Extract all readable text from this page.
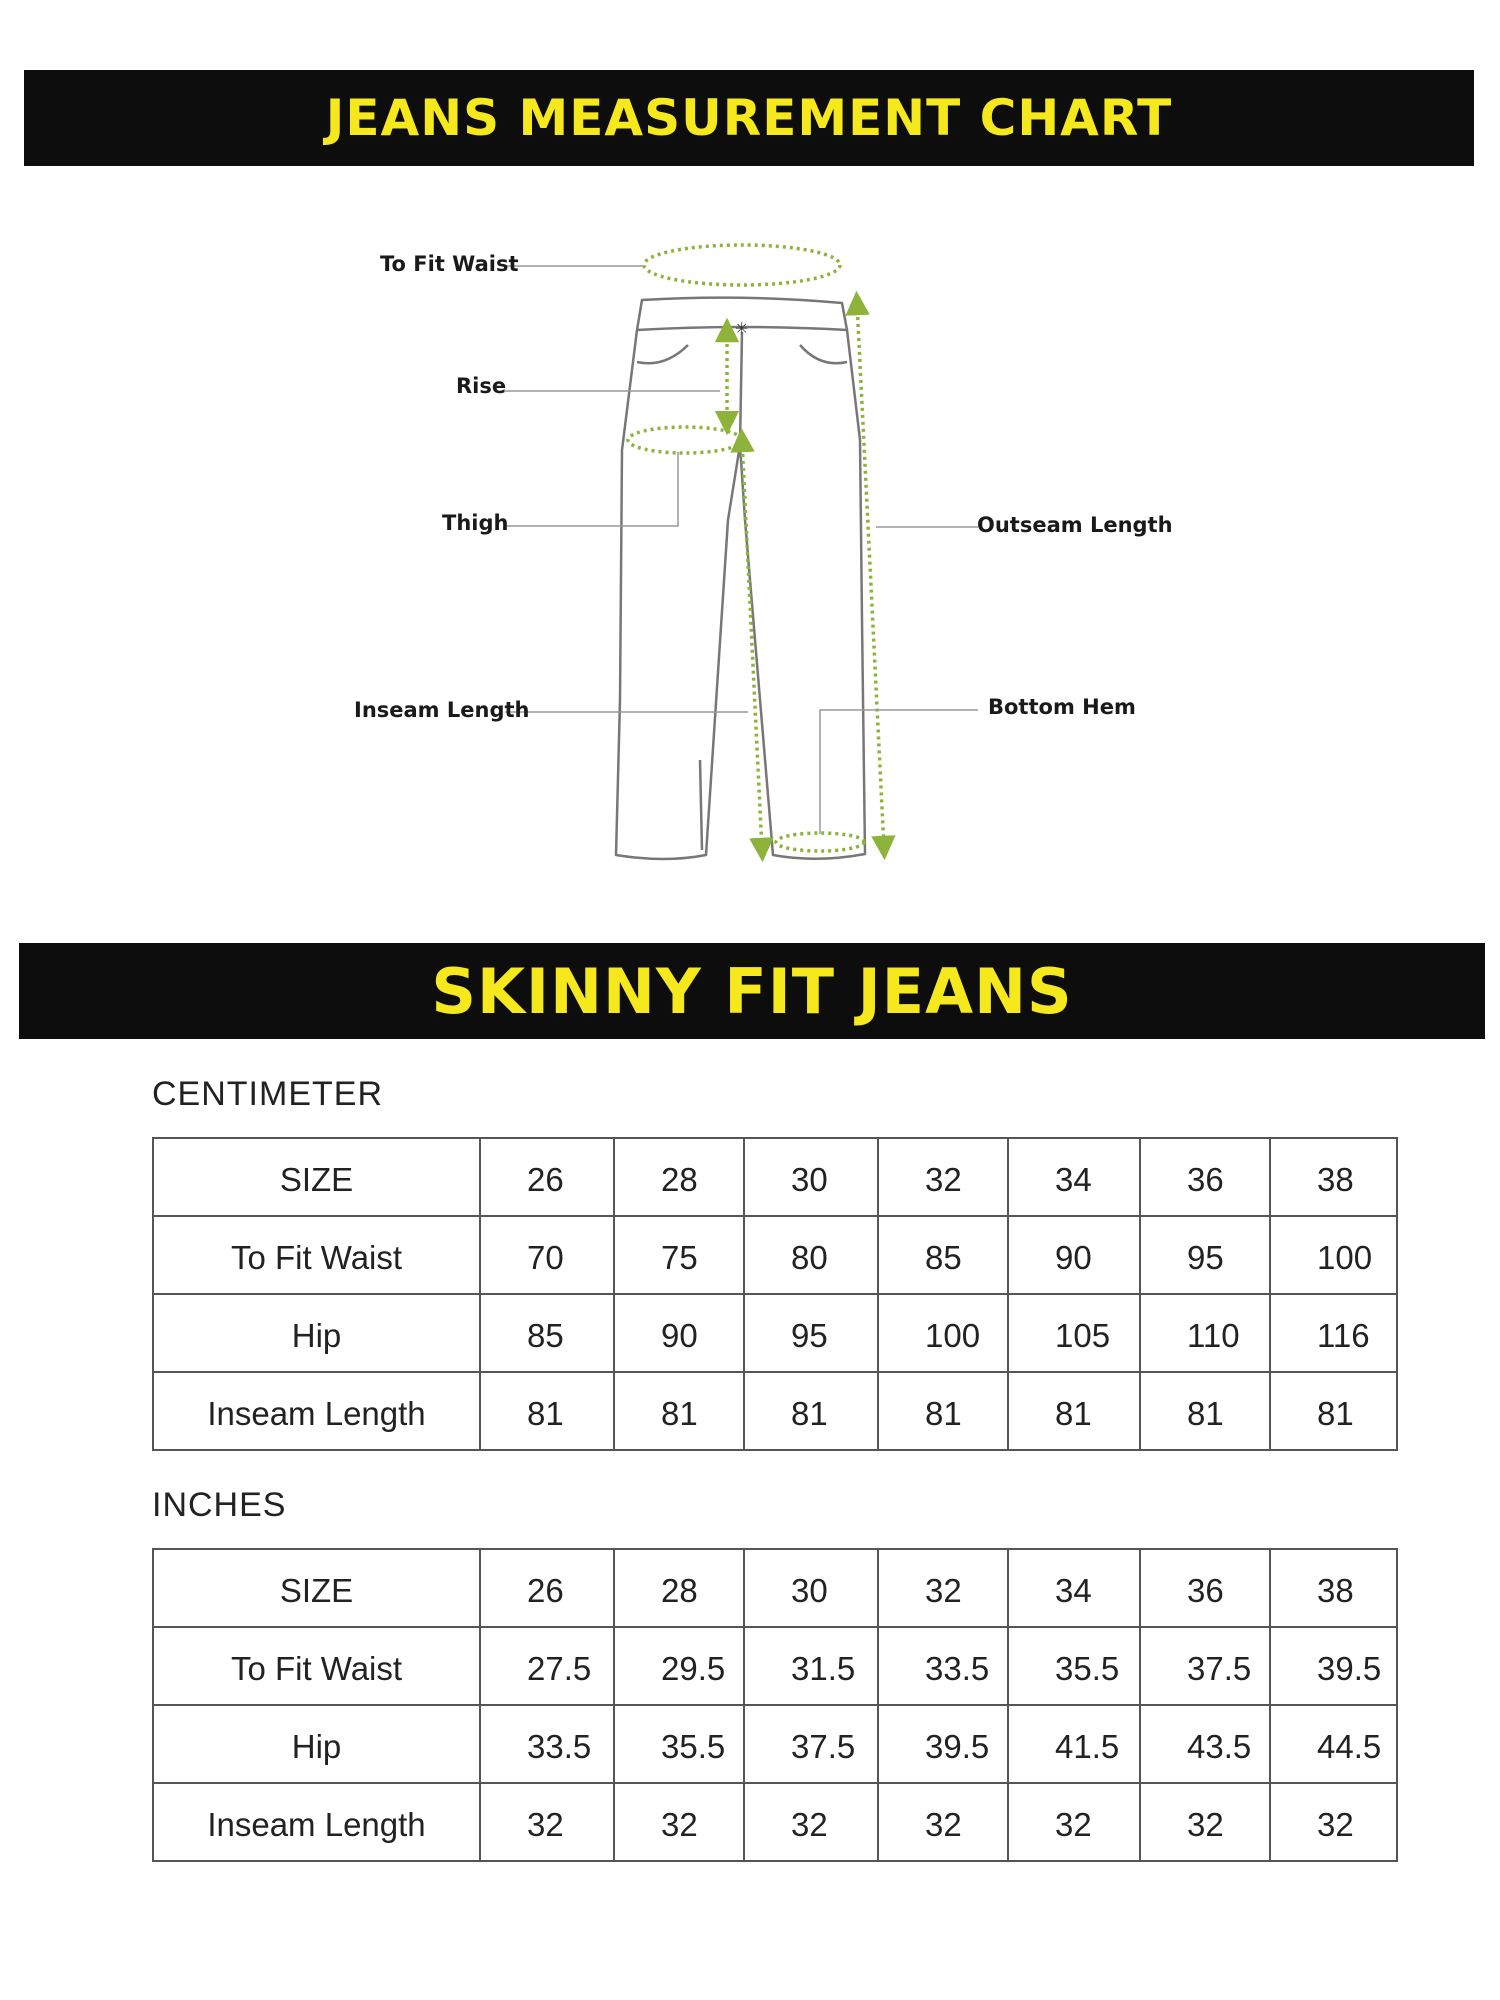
JEANS MEASUREMENT CHART
✳
To Fit Waist
Rise
Thigh
Inseam Length
Outseam Length
Bottom Hem
SKINNY FIT JEANS
CENTIMETER
SIZE	26	28	30	32	34	36	38
To Fit Waist	70	75	80	85	90	95	100
Hip	85	90	95	100	105	110	116
Inseam Length	81	81	81	81	81	81	81
INCHES
SIZE	26	28	30	32	34	36	38
To Fit Waist	27.5	29.5	31.5	33.5	35.5	37.5	39.5
Hip	33.5	35.5	37.5	39.5	41.5	43.5	44.5
Inseam Length	32	32	32	32	32	32	32
